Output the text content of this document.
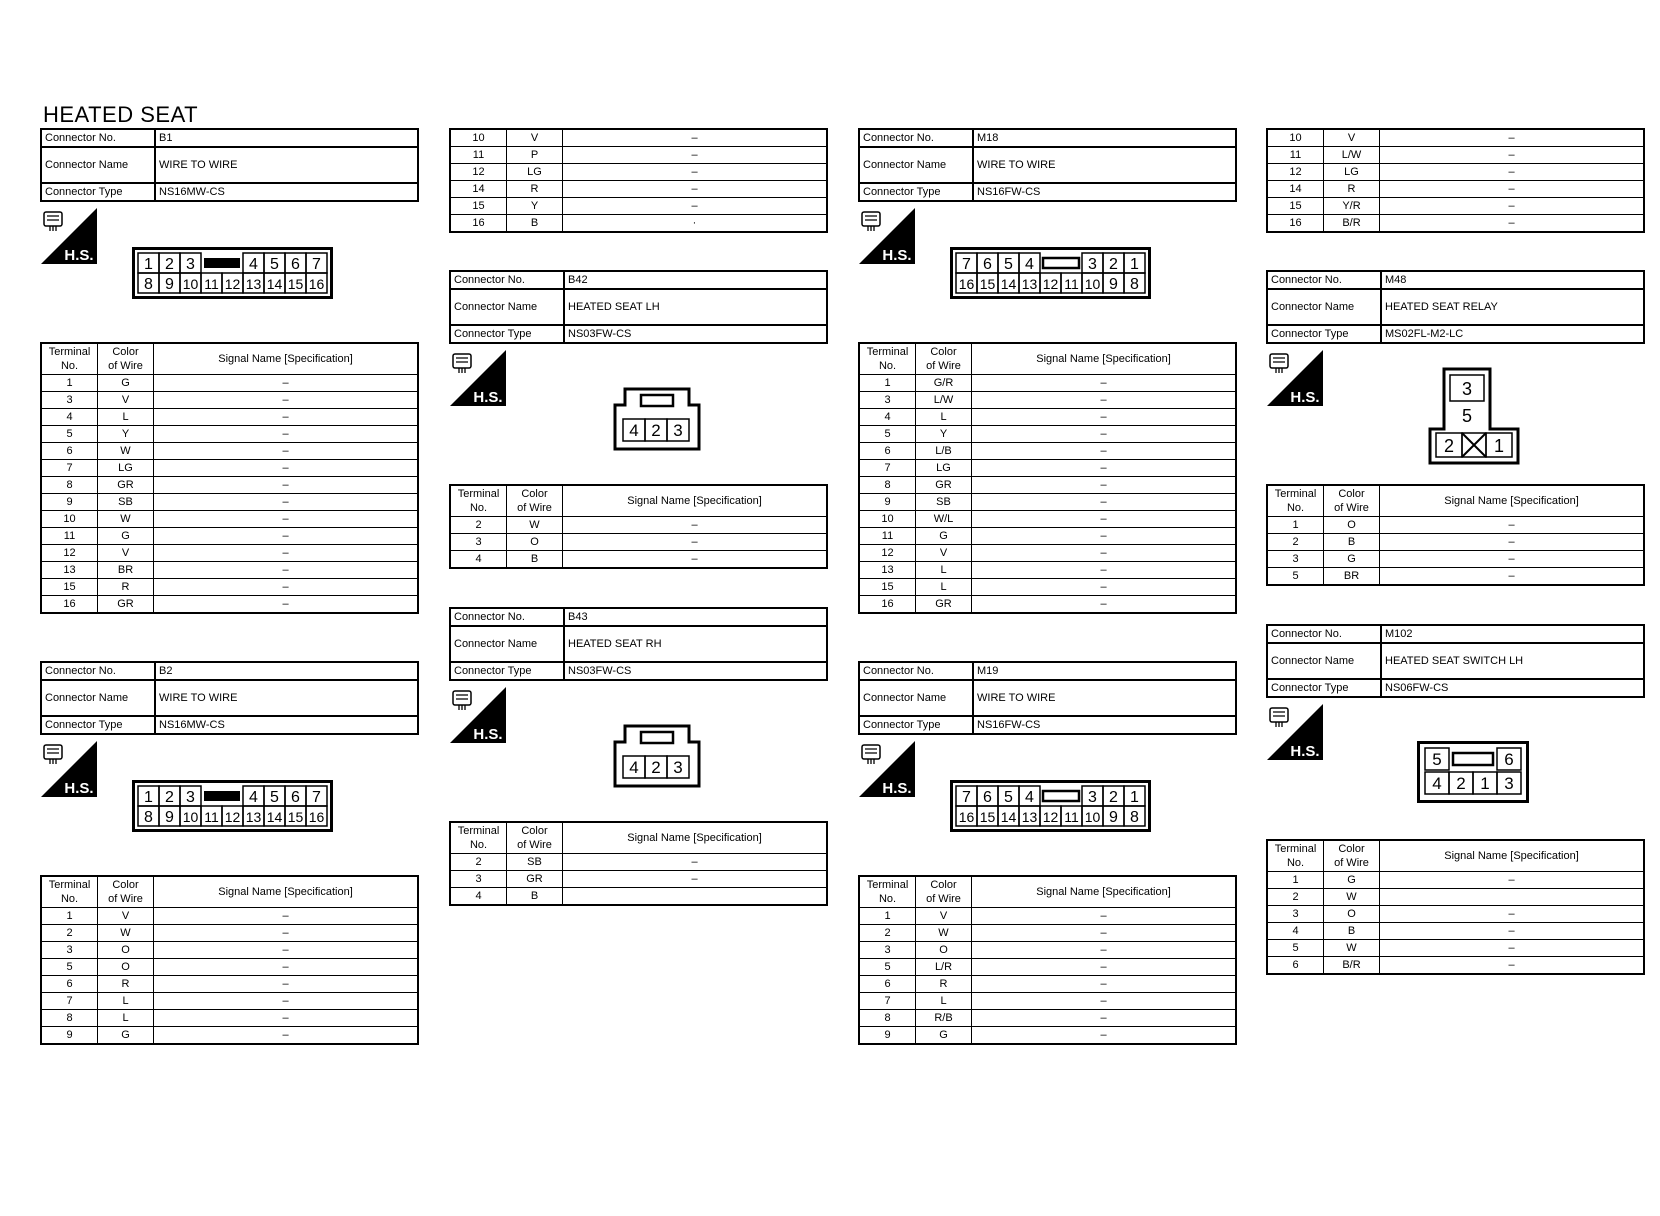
HEATED SEAT
Connector No.	B1
Connector Name	WIRE TO WIRE
Connector Type	NS16MW-CS
H.S.
1 2 3	4 5 6 7
8 9 10 11 12 13 14 15 16
Terminal
No.	Color
of Wire	Signal Name [Specification]
1	G	–
3	V	–
4	L	–
5	Y	–
6	W	–
7	LG	–
8	GR	–
9	SB	–
10	W	–
11	G	–
12	V	–
13	BR	–
15	R	–
16	GR	–
Connector No.	B2
Connector Name	WIRE TO WIRE
Connector Type	NS16MW-CS
H.S.
1 2 3	4 5 6 7
8 9 10 11 12 13 14 15 16
Terminal
No.	Color
of Wire	Signal Name [Specification]
1	V	–
2	W	–
3	O	–
5	O	–
6	R	–
7	L	–
8	L	–
9	G	–
10	V	–
11	P	–
12	LG	–
14	R	–
15	Y	–
16	B	·
Connector No.	B42
Connector Name	HEATED SEAT LH
Connector Type	NS03FW-CS
H.S.
4 2 3
Terminal
No.	Color
of Wire	Signal Name [Specification]
2	W	–
3	O	–
4	B	–
Connector No.	B43
Connector Name	HEATED SEAT RH
Connector Type	NS03FW-CS
H.S.
4 2 3
Terminal
No.	Color
of Wire	Signal Name [Specification]
2	SB	–
3	GR	–
4	B	
Connector No.	M18
Connector Name	WIRE TO WIRE
Connector Type	NS16FW-CS
H.S.
7 6 5 4	3 2 1
16 15 14 13 12 11 10 9 8
Terminal
No.	Color
of Wire	Signal Name [Specification]
1	G/R	–
3	L/W	–
4	L	–
5	Y	–
6	L/B	–
7	LG	–
8	GR	–
9	SB	–
10	W/L	–
11	G	–
12	V	–
13	L	–
15	L	–
16	GR	–
Connector No.	M19
Connector Name	WIRE TO WIRE
Connector Type	NS16FW-CS
H.S.
7 6 5 4	3 2 1
16 15 14 13 12 11 10 9 8
Terminal
No.	Color
of Wire	Signal Name [Specification]
1	V	–
2	W	–
3	O	–
5	L/R	–
6	R	–
7	L	–
8	R/B	–
9	G	–
10	V	–
11	L/W	–
12	LG	–
14	R	–
15	Y/R	–
16	B/R	–
Connector No.	M48
Connector Name	HEATED SEAT RELAY
Connector Type	MS02FL-M2-LC
H.S.	3
5
2 1
Terminal
No.	Color
of Wire	Signal Name [Specification]
1	O	–
2	B	–
3	G	–
5	BR	–
Connector No.	M102
Connector Name	HEATED SEAT SWITCH LH
Connector Type	NS06FW-CS
H.S.	5	6
4 2 1 3
Terminal
No.	Color
of Wire	Signal Name [Specification]
1	G	–
2	W	
3	O	–
4	B	–
5	W	–
6	B/R	–
